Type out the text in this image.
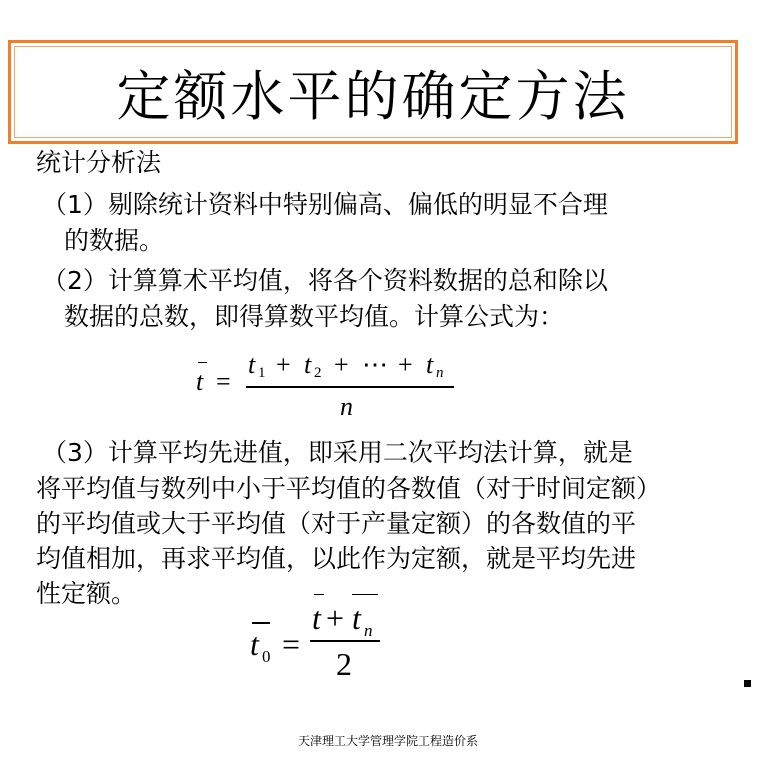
定额水平的确定方法
统计分析法
（1）剔除统计资料中特别偏高、偏低的明显不合理
的数据。
（2）计算算术平均值，将各个资料数据的总和除以
数据的总数，即得算数平均值。计算公式为：
t =
t 1 + t 2 + ⋯ + t n
n
（3）计算平均先进值，即采用二次平均法计算，就是
将平均值与数列中小于平均值的各数值（对于时间定额）
的平均值或大于平均值（对于产量定额）的各数值的平
均值相加，再求平均值，以此作为定额，就是平均先进
性定额。
t 0 =
t + t n
2
天津理工大学管理学院工程造价系
